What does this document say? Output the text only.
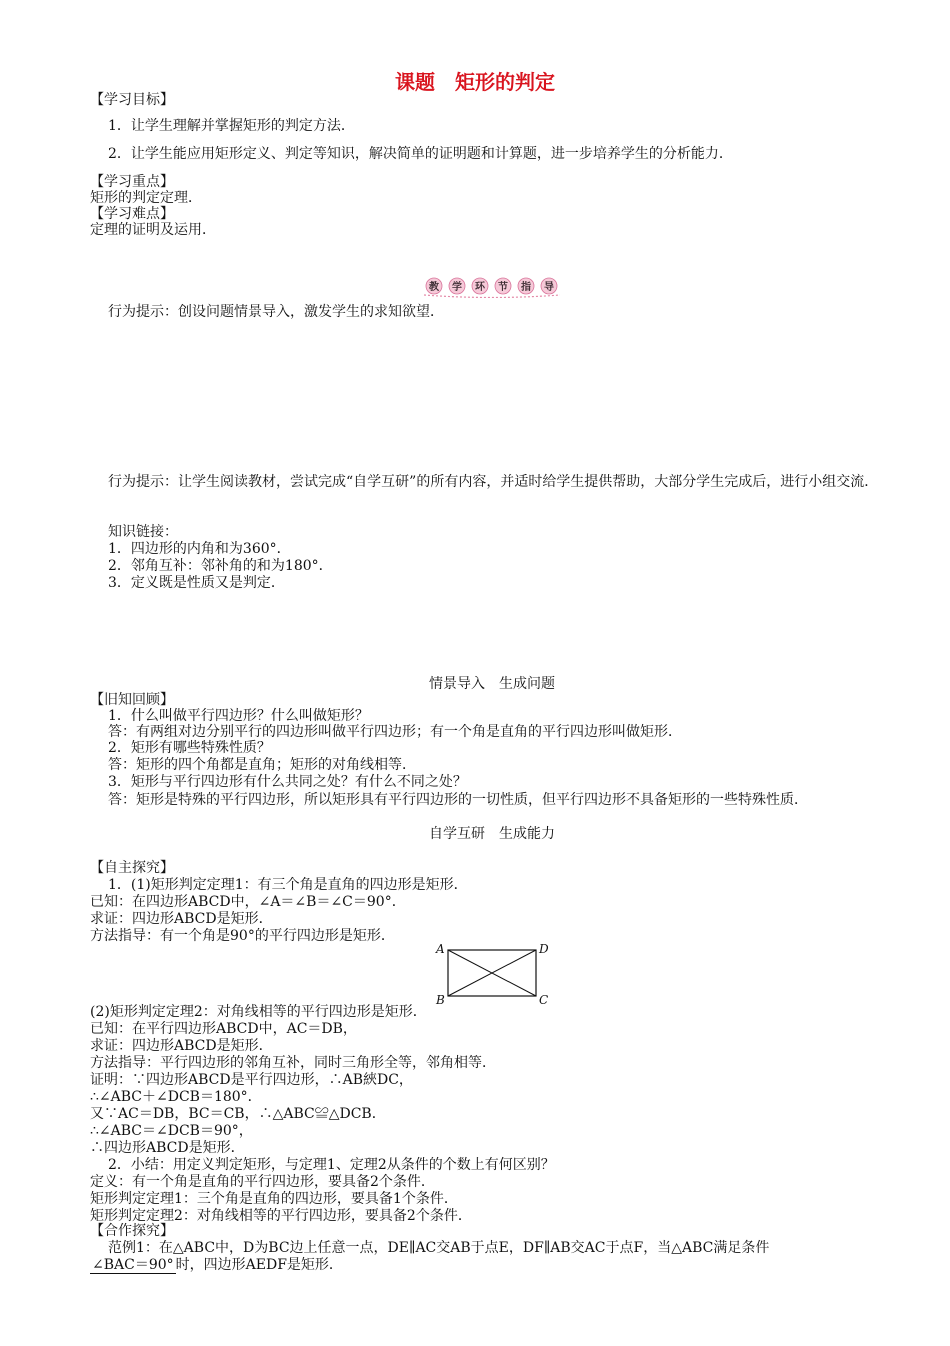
课题　矩形的判定

【学习目标】

1．让学生理解并掌握矩形的判定方法．

2．让学生能应用矩形定义、判定等知识，解决简单的证明题和计算题，进一步培养学生的分析能力．

【学习重点】

矩形的判定定理．

【学习难点】

定理的证明及运用．

教 学 环 节 指 导

行为提示：创设问题情景导入，激发学生的求知欲望．

行为提示：让学生阅读教材，尝试完成“自学互研”的所有内容，并适时给学生提供帮助，大部分学生完成后，进行小组交流．

知识链接：

1．四边形的内角和为360°．

2．邻角互补：邻补角的和为180°．

3．定义既是性质又是判定．

情景导入　生成问题

【旧知回顾】

1．什么叫做平行四边形？什么叫做矩形？

答：有两组对边分别平行的四边形叫做平行四边形；有一个角是直角的平行四边形叫做矩形．

2．矩形有哪些特殊性质？

答：矩形的四个角都是直角；矩形的对角线相等．

3．矩形与平行四边形有什么共同之处？有什么不同之处？

答：矩形是特殊的平行四边形，所以矩形具有平行四边形的一切性质，但平行四边形不具备矩形的一些特殊性质．

自学互研　生成能力

【自主探究】

1．(1)矩形判定定理1：有三个角是直角的四边形是矩形．

已知：在四边形ABCD中，∠A＝∠B＝∠C＝90°．

求证：四边形ABCD是矩形．

方法指导：有一个角是90°的平行四边形是矩形．

A
B	C
D

(2)矩形判定定理2：对角线相等的平行四边形是矩形．

已知：在平行四边形ABCD中，AC＝DB，

求证：四边形ABCD是矩形．

方法指导：平行四边形的邻角互补，同时三角形全等，邻角相等．

证明：∵四边形ABCD是平行四边形，∴AB綊DC，

∴∠ABC＋∠DCB＝180°．

又∵AC＝DB，BC＝CB，∴△ABC≌△DCB．

∴∠ABC＝∠DCB＝90°，

∴四边形ABCD是矩形．

2．小结：用定义判定矩形，与定理1、定理2从条件的个数上有何区别？

定义：有一个角是直角的平行四边形，要具备2个条件．

矩形判定定理1：三个角是直角的四边形，要具备1个条件．

矩形判定定理2：对角线相等的平行四边形，要具备2个条件．

【合作探究】

范例1：在△ABC中，D为BC边上任意一点，DE∥AC交AB于点E，DF∥AB交AC于点F，当△ABC满足条件

∠BAC＝90° 时，四边形AEDF是矩形．
